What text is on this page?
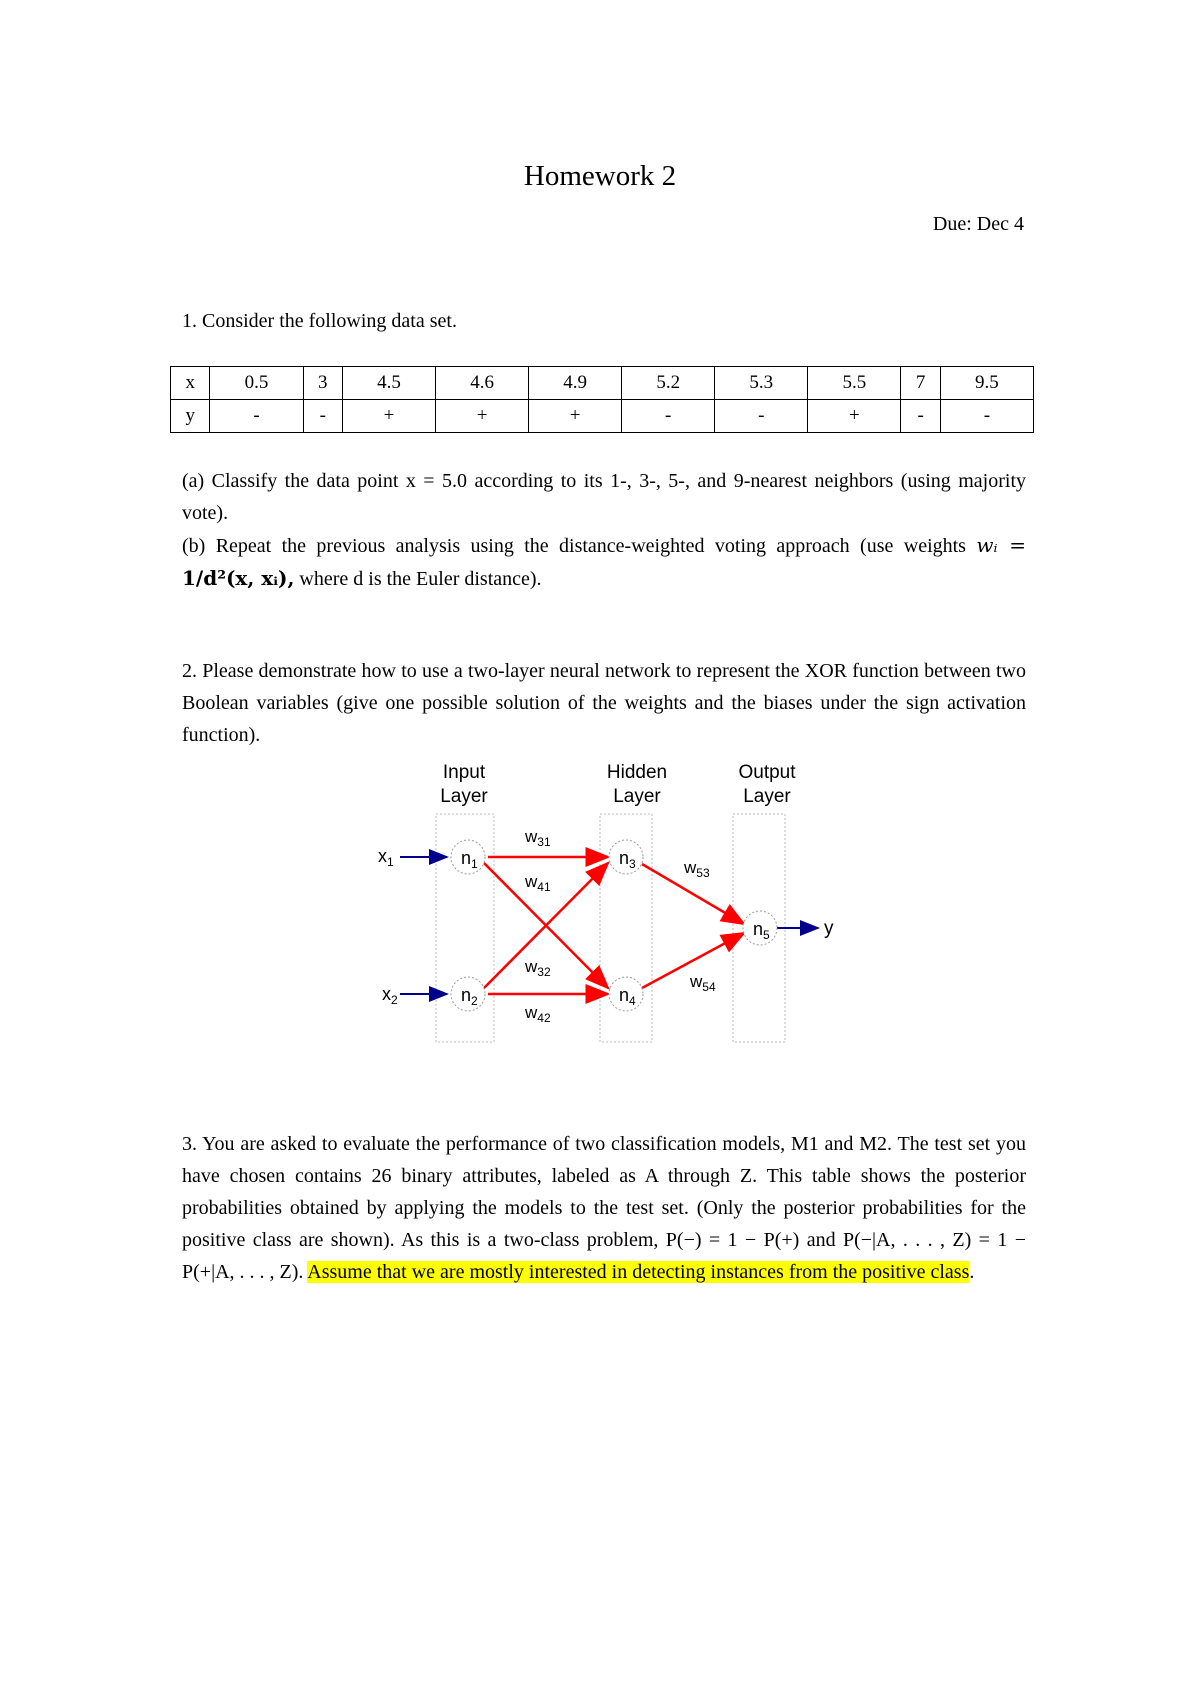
Homework 2
Due: Dec 4
1. Consider the following data set.
x	0.5	3	4.5	4.6	4.9	5.2	5.3	5.5	7	9.5
y	-	-	+	+	+	-	-	+	-	-
(a) Classify the data point x = 5.0 according to its 1-, 3-, 5-, and 9-nearest neighbors (using majority vote).
(b) Repeat the previous analysis using the distance-weighted voting approach (use weights wᵢ = 1/d²(x, xᵢ), where d is the Euler distance).
2. Please demonstrate how to use a two-layer neural network to represent the XOR function between two Boolean variables (give one possible solution of the weights and the biases under the sign activation function).
Input
Layer
Hidden
Layer
Output
Layer
$n_1$
$n_2$
$n_3$
$n_4$
$n_5$
$x_1$
$x_2$
y
$w_{31}$
$w_{41}$
$w_{32}$
$w_{42}$
$w_{53}$
$w_{54}$
3. You are asked to evaluate the performance of two classification models, M1 and M2. The test set you have chosen contains 26 binary attributes, labeled as A through Z. This table shows the posterior probabilities obtained by applying the models to the test set. (Only the posterior probabilities for the positive class are shown). As this is a two-class problem, P(−) = 1 − P(+) and P(−|A, . . . , Z) = 1 − P(+|A, . . . , Z). Assume that we are mostly interested in detecting instances from the positive class.
